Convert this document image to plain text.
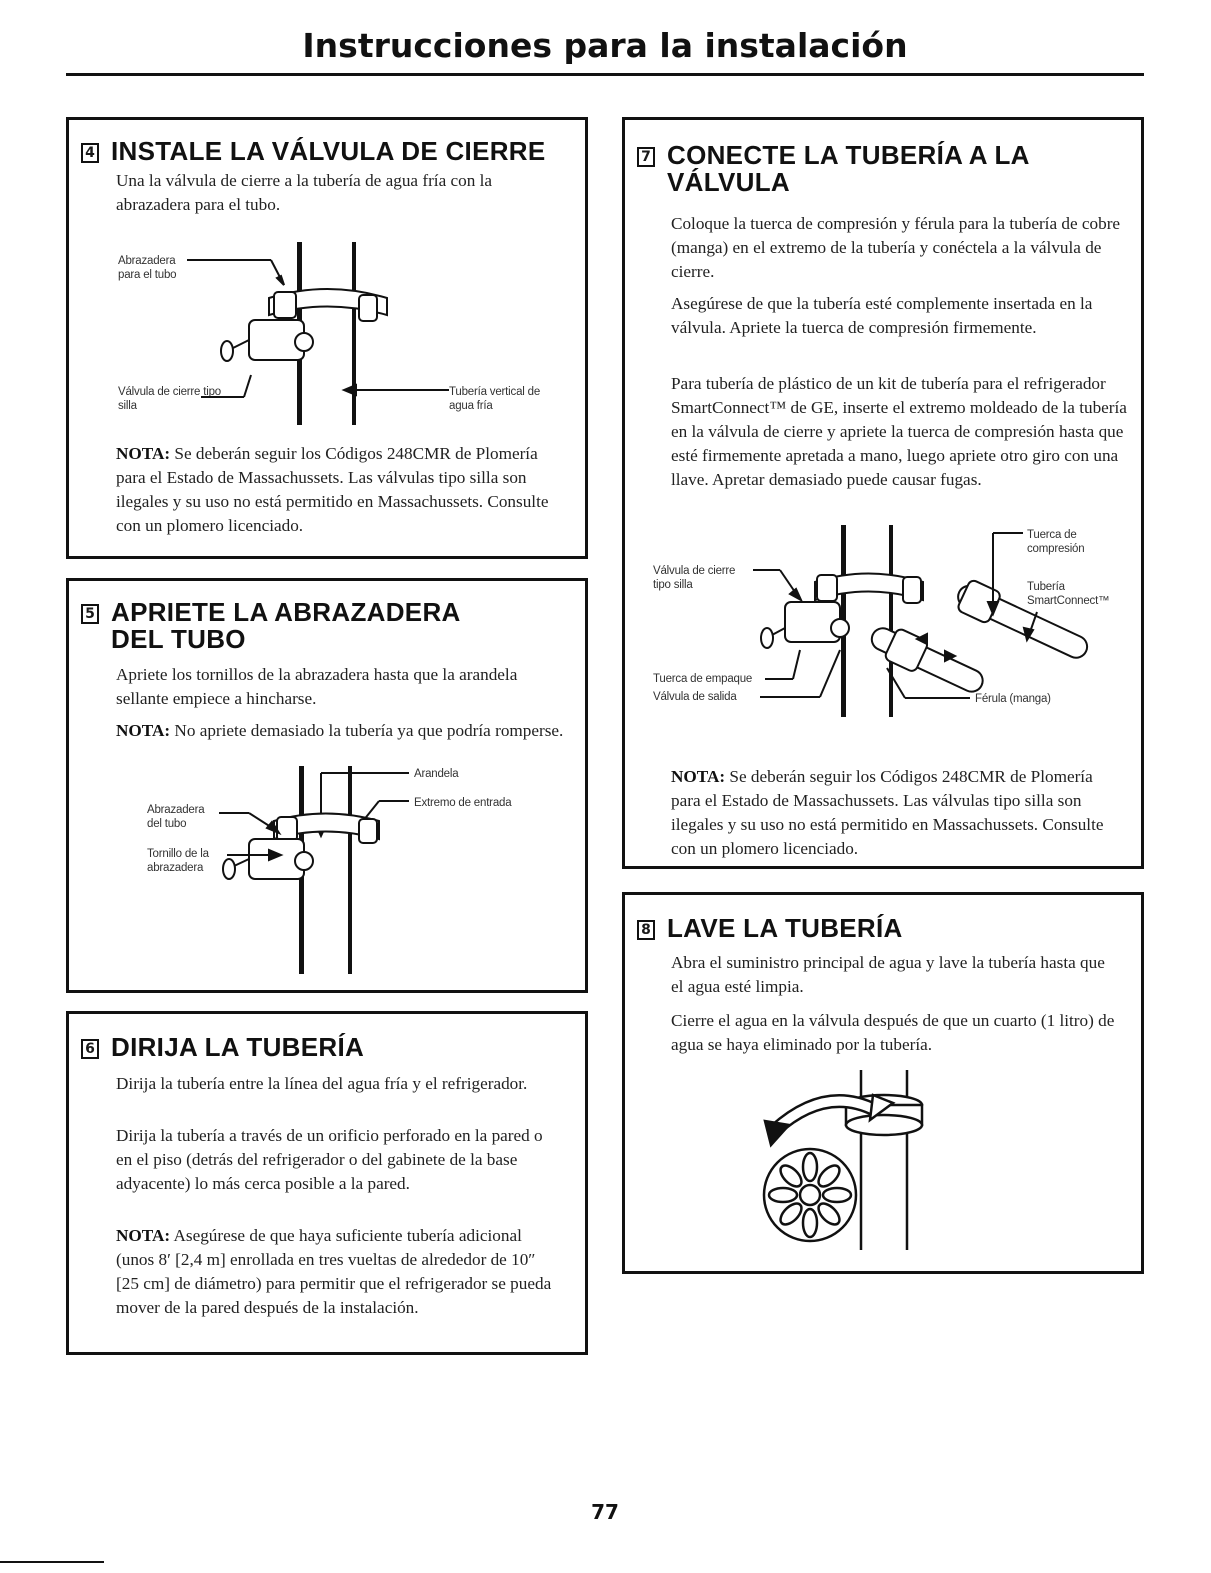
Instrucciones para la instalación
4 INSTALE LA VÁLVULA DE CIERRE
Una la válvula de cierre a la tubería de agua fría con la abrazadera para el tubo.
Abrazadera para el tubo
Válvula de cierre tipo silla
Tubería vertical de agua fría
NOTA: Se deberán seguir los Códigos 248CMR de Plomería para el Estado de Massachussets. Las válvulas tipo silla son ilegales y su uso no está permitido en Massachussets. Consulte con un plomero licenciado.
5 APRIETE LA ABRAZADERA
DEL TUBO
Apriete los tornillos de la abrazadera hasta que la arandela sellante empiece a hincharse.
NOTA: No apriete demasiado la tubería ya que podría romperse.
Arandela
Extremo de entrada
Abrazadera del tubo
Tornillo de la abrazadera
6 DIRIJA LA TUBERÍA
Dirija la tubería entre la línea del agua fría y el refrigerador.
Dirija la tubería a través de un orificio perforado en la pared o en el piso (detrás del refrigerador o del gabinete de la base adyacente) lo más cerca posible a la pared.
NOTA: Asegúrese de que haya suficiente tubería adicional (unos 8′ [2,4 m] enrollada en tres vueltas de alrededor de 10″ [25 cm] de diámetro) para permitir que el refrigerador se pueda mover de la pared después de la instalación.
7 CONECTE LA TUBERÍA A LA
VÁLVULA
Coloque la tuerca de compresión y férula para la tubería de cobre (manga) en el extremo de la tubería y conéctela a la válvula de cierre.
Asegúrese de que la tubería esté complemente insertada en la válvula. Apriete la tuerca de compresión firmemente.
Para tubería de plástico de un kit de tubería para el refrigerador SmartConnect™ de GE, inserte el extremo moldeado de la tubería en la válvula de cierre y apriete la tuerca de compresión hasta que esté firmemente apretada a mano, luego apriete otro giro con una llave. Apretar demasiado puede causar fugas.
Válvula de cierre tipo silla
Tuerca de empaque
Válvula de salida
Tuerca de compresión
Tubería SmartConnect™
Férula (manga)
NOTA: Se deberán seguir los Códigos 248CMR de Plomería para el Estado de Massachussets. Las válvulas tipo silla son ilegales y su uso no está permitido en Massachussets. Consulte con un plomero licenciado.
8 LAVE LA TUBERÍA
Abra el suministro principal de agua y lave la tubería hasta que el agua esté limpia.
Cierre el agua en la válvula después de que un cuarto (1 litro) de agua se haya eliminado por la tubería.
77
